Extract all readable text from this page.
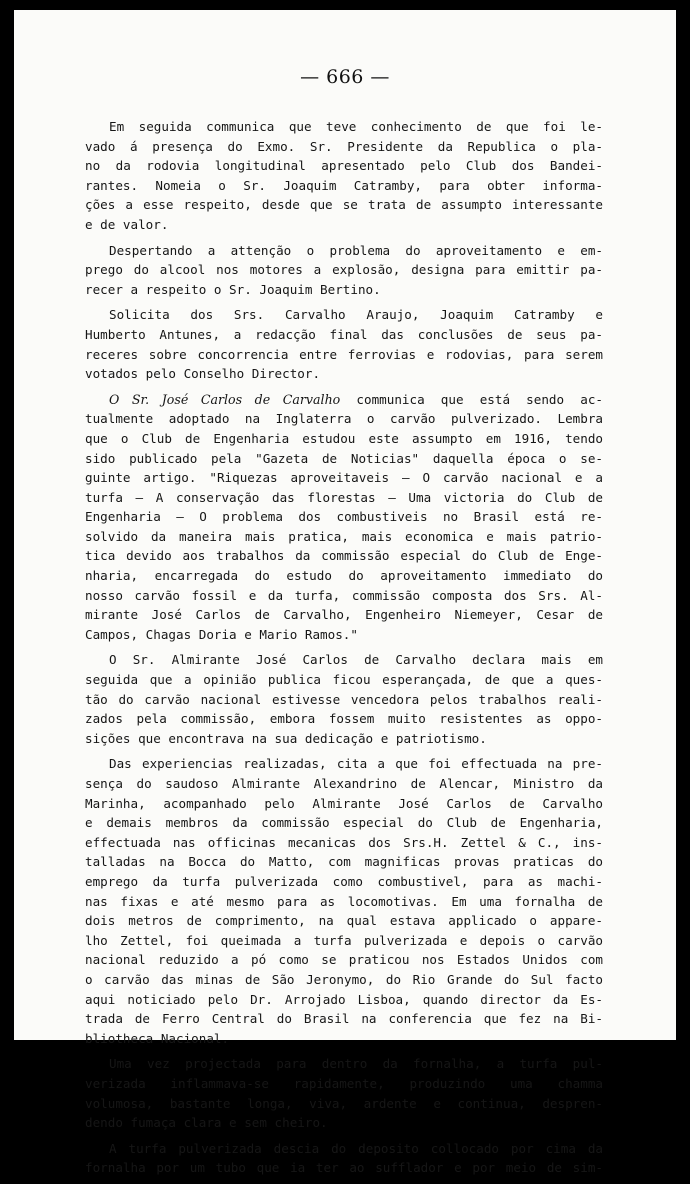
— 666 —
Em seguida communica que teve conhecimento de que foi le-
vado á presença do Exmo. Sr. Presidente da Republica o pla-
no da rodovia longitudinal apresentado pelo Club dos Bandei-
rantes. Nomeia o Sr. Joaquim Catramby, para obter informa-
ções a esse respeito, desde que se trata de assumpto interessante
e de valor.
Despertando a attenção o problema do aproveitamento e em-
prego do alcool nos motores a explosão, designa para emittir pa-
recer a respeito o Sr. Joaquim Bertino.
Solicita dos Srs. Carvalho Araujo, Joaquim Catramby e
Humberto Antunes, a redacção final das conclusões de seus pa-
receres sobre concorrencia entre ferrovias e rodovias, para serem
votados pelo Conselho Director.
O Sr. José Carlos de Carvalho communica que está sendo ac-
tualmente adoptado na Inglaterra o carvão pulverizado. Lembra
que o Club de Engenharia estudou este assumpto em 1916, tendo
sido publicado pela "Gazeta de Noticias" daquella época o se-
guinte artigo. "Riquezas aproveitaveis — O carvão nacional e a
turfa — A conservação das florestas — Uma victoria do Club de
Engenharia — O problema dos combustiveis no Brasil está re-
solvido da maneira mais pratica, mais economica e mais patrio-
tica devido aos trabalhos da commissão especial do Club de Enge-
nharia, encarregada do estudo do aproveitamento immediato do
nosso carvão fossil e da turfa, commissão composta dos Srs. Al-
mirante José Carlos de Carvalho, Engenheiro Niemeyer, Cesar de
Campos, Chagas Doria e Mario Ramos."
O Sr. Almirante José Carlos de Carvalho declara mais em
seguida que a opinião publica ficou esperançada, de que a ques-
tão do carvão nacional estivesse vencedora pelos trabalhos reali-
zados pela commissão, embora fossem muito resistentes as oppo-
sições que encontrava na sua dedicação e patriotismo.
Das experiencias realizadas, cita a que foi effectuada na pre-
sença do saudoso Almirante Alexandrino de Alencar, Ministro da
Marinha, acompanhado pelo Almirante José Carlos de Carvalho
e demais membros da commissão especial do Club de Engenharia,
effectuada nas officinas mecanicas dos Srs.H. Zettel & C., ins-
talladas na Bocca do Matto, com magnificas provas praticas do
emprego da turfa pulverizada como combustivel, para as machi-
nas fixas e até mesmo para as locomotivas. Em uma fornalha de
dois metros de comprimento, na qual estava applicado o appare-
lho Zettel, foi queimada a turfa pulverizada e depois o carvão
nacional reduzido a pó como se praticou nos Estados Unidos com
o carvão das minas de São Jeronymo, do Rio Grande do Sul facto
aqui noticiado pelo Dr. Arrojado Lisboa, quando director da Es-
trada de Ferro Central do Brasil na conferencia que fez na Bi-
bliotheca Nacional.
Uma vez projectada para dentro da fornalha, a turfa pul-
verizada inflammava-se rapidamente, produzindo uma chamma
volumosa, bastante longa, viva, ardente e continua, despren-
dendo fumaça clara e sem cheiro.
A turfa pulverizada descia do deposito collocado por cima da
fornalha por um tubo que ia ter ao sufflador e por meio de sim-
